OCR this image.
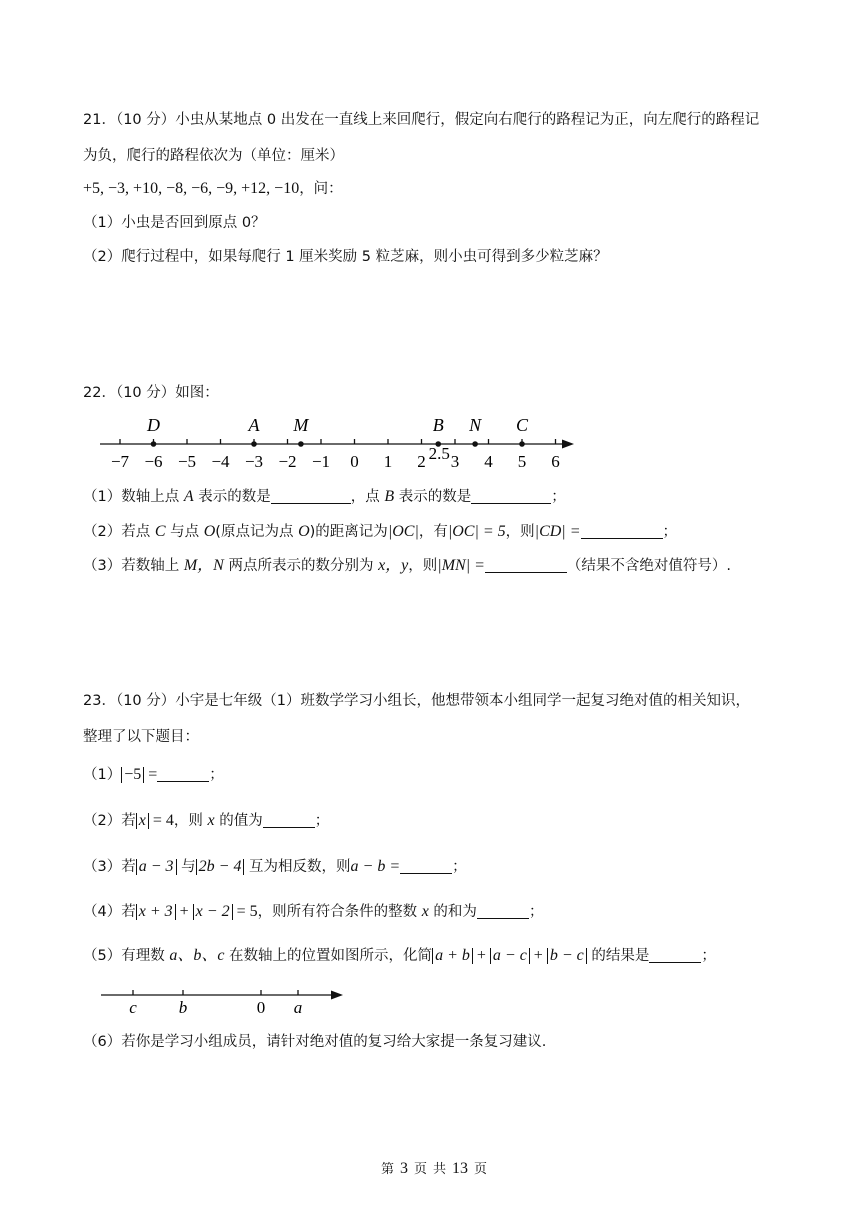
21．（10 分）小虫从某地点 0 出发在一直线上来回爬行，假定向右爬行的路程记为正，向左爬行的路程记
为负，爬行的路程依次为（单位：厘米）
+5, −3, +10, −8, −6, −9, +12, −10，问：
（1）小虫是否回到原点 0？
（2）爬行过程中，如果每爬行 1 厘米奖励 5 粒芝麻，则小虫可得到多少粒芝麻？
22．（10 分）如图：
−7 −6 −5 −4 −3 −2 −1 0 1 2 3 4 5 6
D	A M	B N C
2.5
（1）数轴上点 A 表示的数是	，点 B 表示的数是	；
（2）若点 C 与点 O(原点记为点 O)的距离记为|OC|，有|OC| = 5，则|CD| =	；
（3）若数轴上 M，N 两点所表示的数分别为 x，y，则|MN| =	（结果不含绝对值符号）.
23．（10 分）小宇是七年级（1）班数学学习小组长，他想带领本小组同学一起复习绝对值的相关知识，
整理了以下题目：
（1） −5 =	；
（2）若 x = 4，则 x 的值为	；
（3）若 a − 3 与 2b − 4 互为相反数，则a − b =	；
（4）若 x + 3 + x − 2 = 5，则所有符合条件的整数 x 的和为	；
（5）有理数 a、b、c 在数轴上的位置如图所示，化简 a + b + a − c + b − c 的结果是	；
c b	0 a
（6）若你是学习小组成员，请针对绝对值的复习给大家提一条复习建议.
第 3 页 共 13 页
